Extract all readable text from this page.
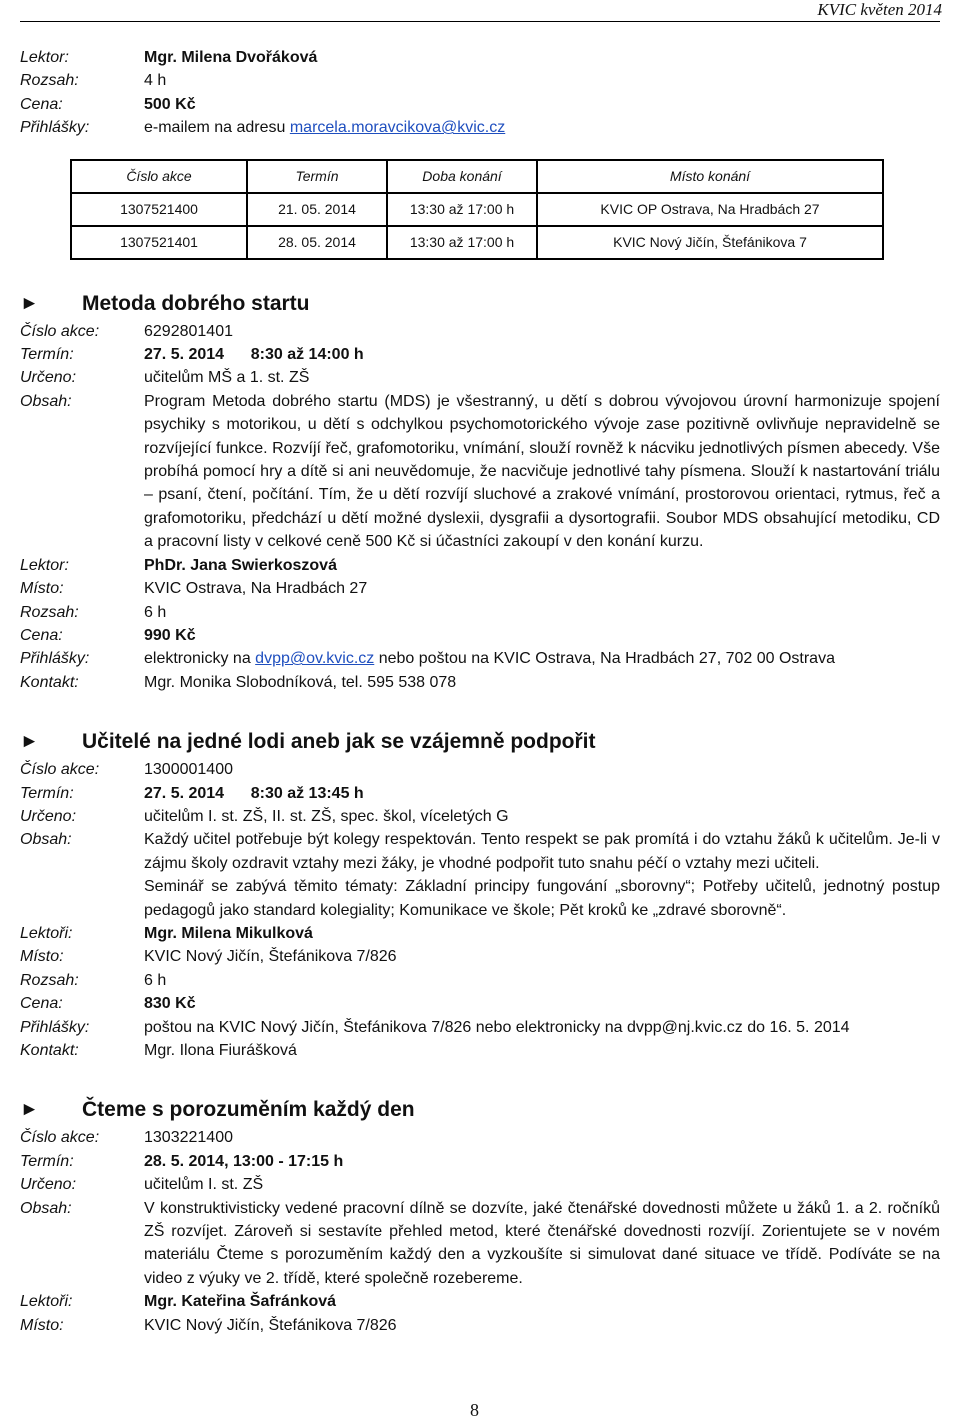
KVIC květen 2014
Lektor:	Mgr. Milena Dvořáková
Rozsah:	4 h
Cena:	500 Kč
Přihlášky:	e-mailem na adresu marcela.moravcikova@kvic.cz
Číslo akce	Termín	Doba konání	Místo konání
1307521400	21. 05. 2014	13:30 až 17:00 h	KVIC OP Ostrava, Na Hradbách 27
1307521401	28. 05. 2014	13:30 až 17:00 h	KVIC Nový Jičín, Štefánikova 7
►	Metoda dobrého startu
Číslo akce:	6292801401
Termín:	27. 5. 2014      8:30 až 14:00 h
Určeno:	učitelům MŠ a 1. st. ZŠ
Obsah:	Program Metoda dobrého startu (MDS) je všestranný, u dětí s dobrou vývojovou úrovní harmonizuje spojení psychiky s motorikou, u dětí s odchylkou psychomotorického vývoje zase pozitivně ovlivňuje nepravidelně se rozvíjející funkce. Rozvíjí řeč, grafomotoriku, vnímání, slouží rovněž k nácviku jednotlivých písmen abecedy. Vše probíhá pomocí hry a dítě si ani neuvědomuje, že nacvičuje jednotlivé tahy písmena. Slouží k nastartování triálu – psaní, čtení, počítání. Tím, že u dětí rozvíjí sluchové a zrakové vnímání, prostorovou orientaci, rytmus, řeč a grafomotoriku, předchází u dětí možné dyslexii, dysgrafii a dysortografii. Soubor MDS obsahující metodiku, CD a pracovní listy v celkové ceně 500 Kč si účastníci zakoupí v den konání kurzu.
Lektor:	PhDr. Jana Swierkoszová
Místo:	KVIC Ostrava, Na Hradbách 27
Rozsah:	6 h
Cena:	990 Kč
Přihlášky:	elektronicky na dvpp@ov.kvic.cz nebo poštou na KVIC Ostrava, Na Hradbách 27, 702 00 Ostrava
Kontakt:	Mgr. Monika Slobodníková, tel. 595 538 078
►	Učitelé na jedné lodi aneb jak se vzájemně podpořit
Číslo akce:	1300001400
Termín:	27. 5. 2014      8:30 až 13:45 h
Určeno:	učitelům I. st. ZŠ, II. st. ZŠ, spec. škol, víceletých G
Obsah:	Každý učitel potřebuje být kolegy respektován. Tento respekt se pak promítá i do vztahu žáků k učitelům. Je-li v zájmu školy ozdravit vztahy mezi žáky, je vhodné podpořit tuto snahu péčí o vztahy mezi učiteli.
Seminář se zabývá těmito tématy: Základní principy fungování „sborovny“; Potřeby učitelů, jednotný postup pedagogů jako standard kolegiality; Komunikace ve škole; Pět kroků ke „zdravé sborovně“.
Lektoři:	Mgr. Milena Mikulková
Místo:	KVIC Nový Jičín, Štefánikova 7/826
Rozsah:	6 h
Cena:	830 Kč
Přihlášky:	poštou na KVIC Nový Jičín, Štefánikova 7/826 nebo elektronicky na dvpp@nj.kvic.cz do 16. 5. 2014
Kontakt:	Mgr. Ilona Fiurášková
►	Čteme s porozuměním každý den
Číslo akce:	1303221400
Termín:	28. 5. 2014, 13:00 - 17:15 h
Určeno:	učitelům I. st. ZŠ
Obsah:	V konstruktivisticky vedené pracovní dílně se dozvíte, jaké čtenářské dovednosti můžete u žáků 1. a 2. ročníků ZŠ rozvíjet. Zároveň si sestavíte přehled metod, které čtenářské dovednosti rozvíjí. Zorientujete se v novém materiálu Čteme s porozuměním každý den a vyzkoušíte si simulovat dané situace ve třídě. Podíváte se na video z výuky ve 2. třídě, které společně rozebereme.
Lektoři:	Mgr. Kateřina Šafránková
Místo:	KVIC Nový Jičín, Štefánikova 7/826
8
